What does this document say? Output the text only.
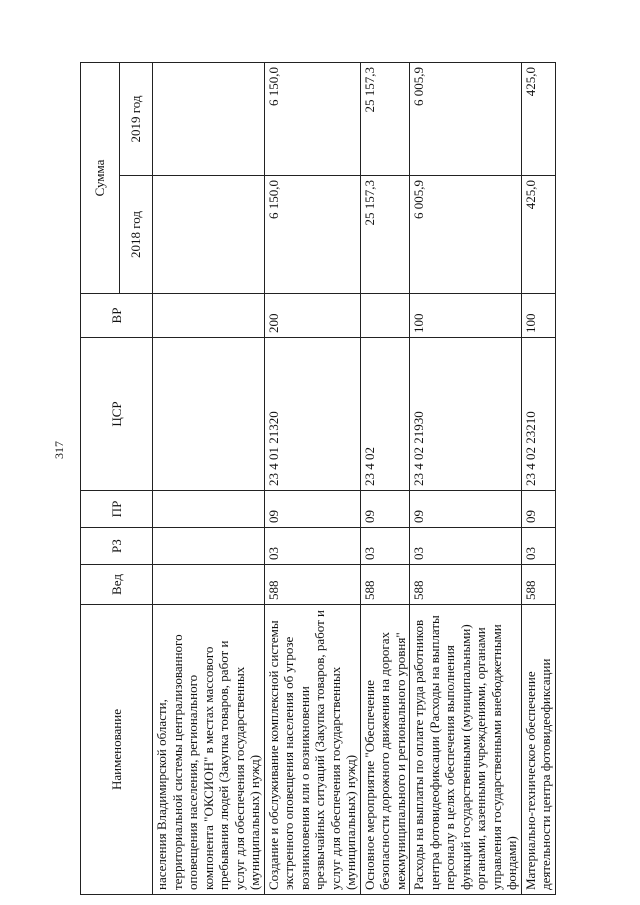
317
Наименование	Вед	РЗ	ПР	ЦСР	ВР	Сумма	
						2018 год	2019 год
населения Владимирской области, территориальной системы централизованного оповещения населения, регионального компонента "ОКСИОН" в местах массового пребывания людей (Закупка товаров, работ и услуг для обеспечения государственных (муниципальных) нужд)							
Создание и обслуживание комплексной системы экстренного оповещения населения об угрозе возникновения или о возникновении чрезвычайных ситуаций (Закупка товаров, работ и услуг для обеспечения государственных (муниципальных) нужд)	588	03	09	23 4 01 21320	200	6 150,0	6 150,0
Основное мероприятие "Обеспечение безопасности дорожного движения на дорогах межмуниципального и регионального уровня"	588	03	09	23 4 02		25 157,3	25 157,3
Расходы на выплаты по оплате труда работников центра фотовидеофиксации (Расходы на выплаты персоналу в целях обеспечения выполнения функций государственными (муниципальными) органами, казенными учреждениями, органами управления государственными внебюджетными фондами)	588	03	09	23 4 02 21930	100	6 005,9	6 005,9
Материально-техническое обеспечение деятельности центра фотовидеофиксации	588	03	09	23 4 02 23210	100	425,0	425,0
